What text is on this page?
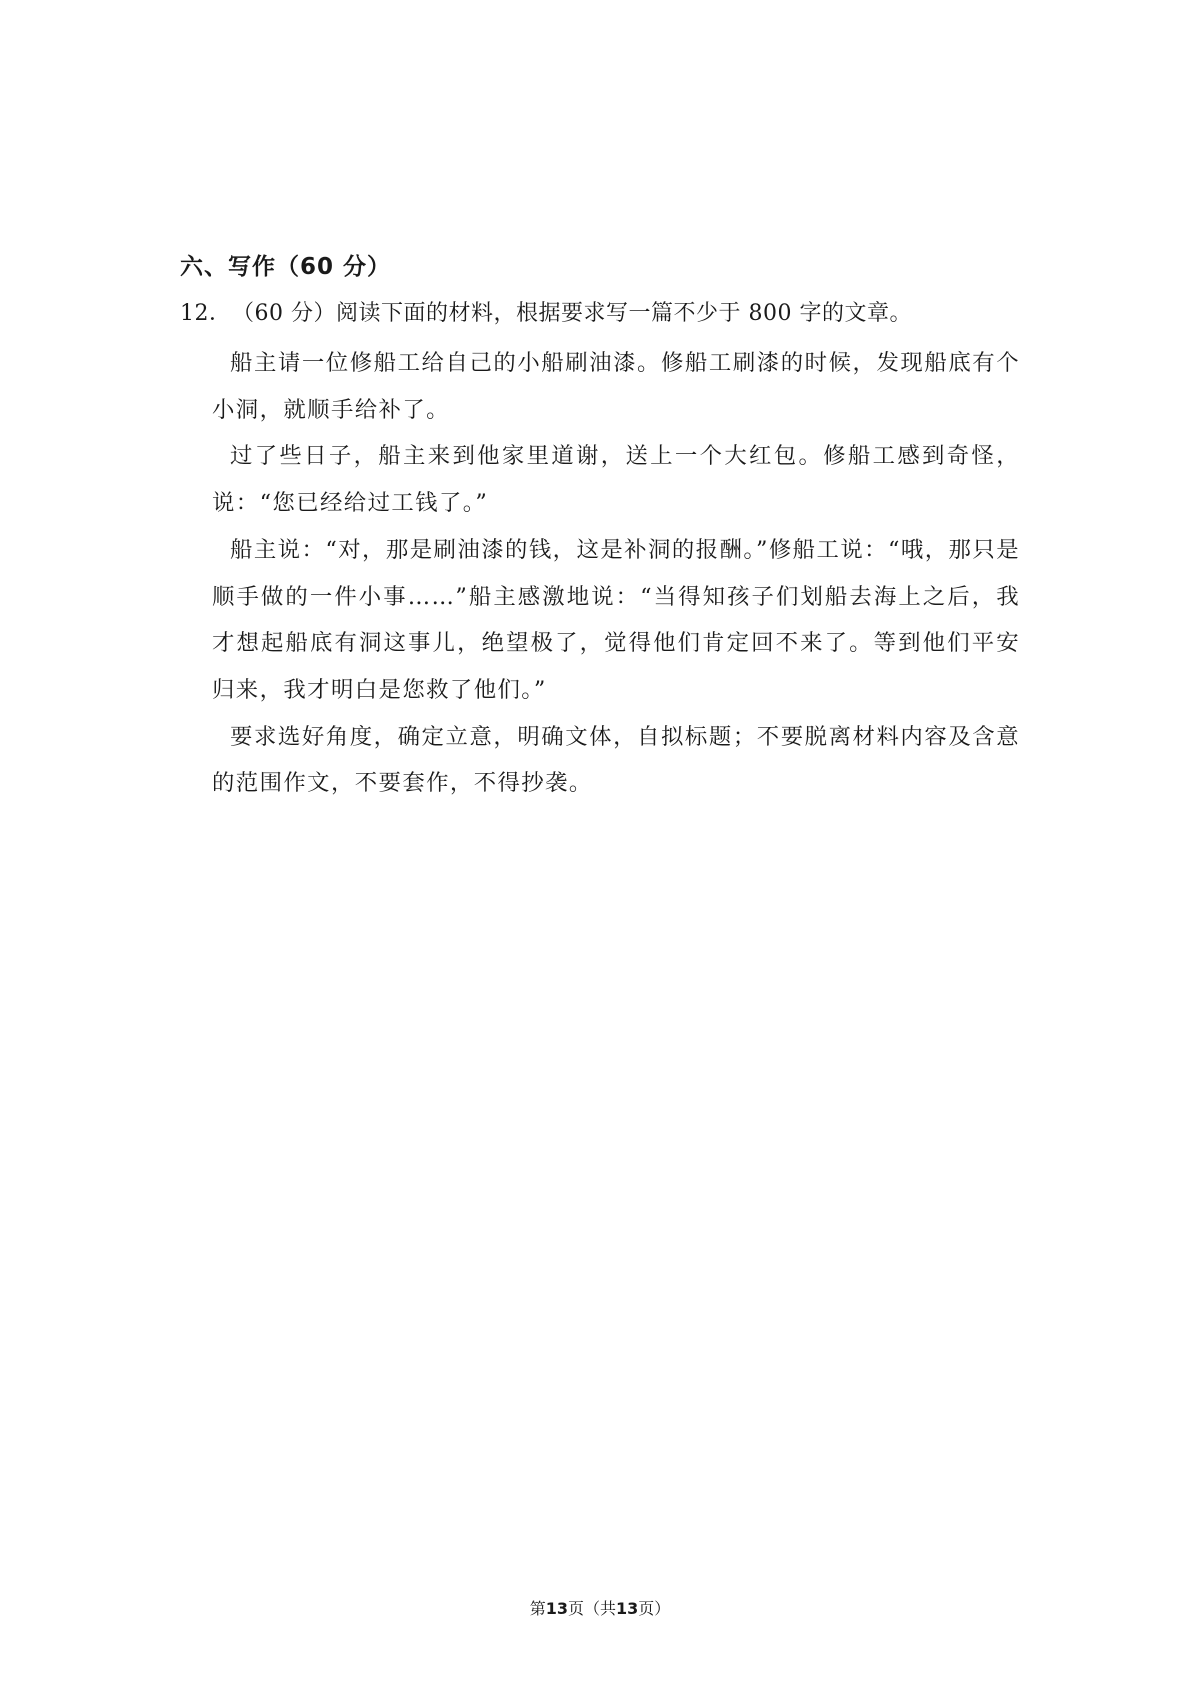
六、写作（60 分）
12．（60 分）阅读下面的材料，根据要求写一篇不少于 800 字的文章。

船主请一位修船工给自己的小船刷油漆。修船工刷漆的时候，发现船底有个小洞，就顺手给补了。

过了些日子，船主来到他家里道谢，送上一个大红包。修船工感到奇怪，说：“您已经给过工钱了。”

船主说：“对，那是刷油漆的钱，这是补洞的报酬。”修船工说：“哦，那只是顺手做的一件小事……”船主感激地说：“当得知孩子们划船去海上之后，我才想起船底有洞这事儿，绝望极了，觉得他们肯定回不来了。等到他们平安归来，我才明白是您救了他们。”

要求选好角度，确定立意，明确文体，自拟标题；不要脱离材料内容及含意的范围作文，不要套作，不得抄袭。

第13页（共13页）
